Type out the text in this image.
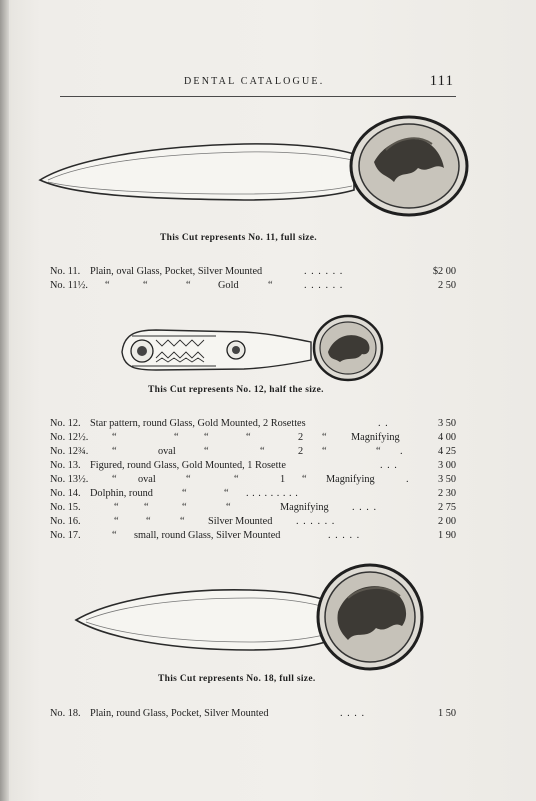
DENTAL CATALOGUE.	111
This Cut represents No. 11, full size.
No. 11. Plain, oval Glass, Pocket, Silver Mounted	. . . . . .	$2 00
No. 11½. “	“	“	Gold	“	. . . . . .	2 50
This Cut represents No. 12, half the size.
No. 12. Star pattern, round Glass, Gold Mounted, 2 Rosettes	. .	3 50
No. 12½. “	“ “	“	2 “ Magnifying	4 00
No. 12¾. “	oval	“	“	2 “	“ .	4 25
No. 13. Figured, round Glass, Gold Mounted, 1 Rosette	. . .	3 00
No. 13½. “ oval	“	“	1 “ Magnifying	.	3 50
No. 14. Dolphin, round	“	“ . . . . . . . . .	2 30
No. 15.	“ “	“	“	Magnifying . . . .	2 75
No. 16.	“	“	“ Silver Mounted . . . . . .	2 00
No. 17.	“ small, round Glass, Silver Mounted	. . . . .	1 90
This Cut represents No. 18, full size.
No. 18. Plain, round Glass, Pocket, Silver Mounted	. . . .	1 50
